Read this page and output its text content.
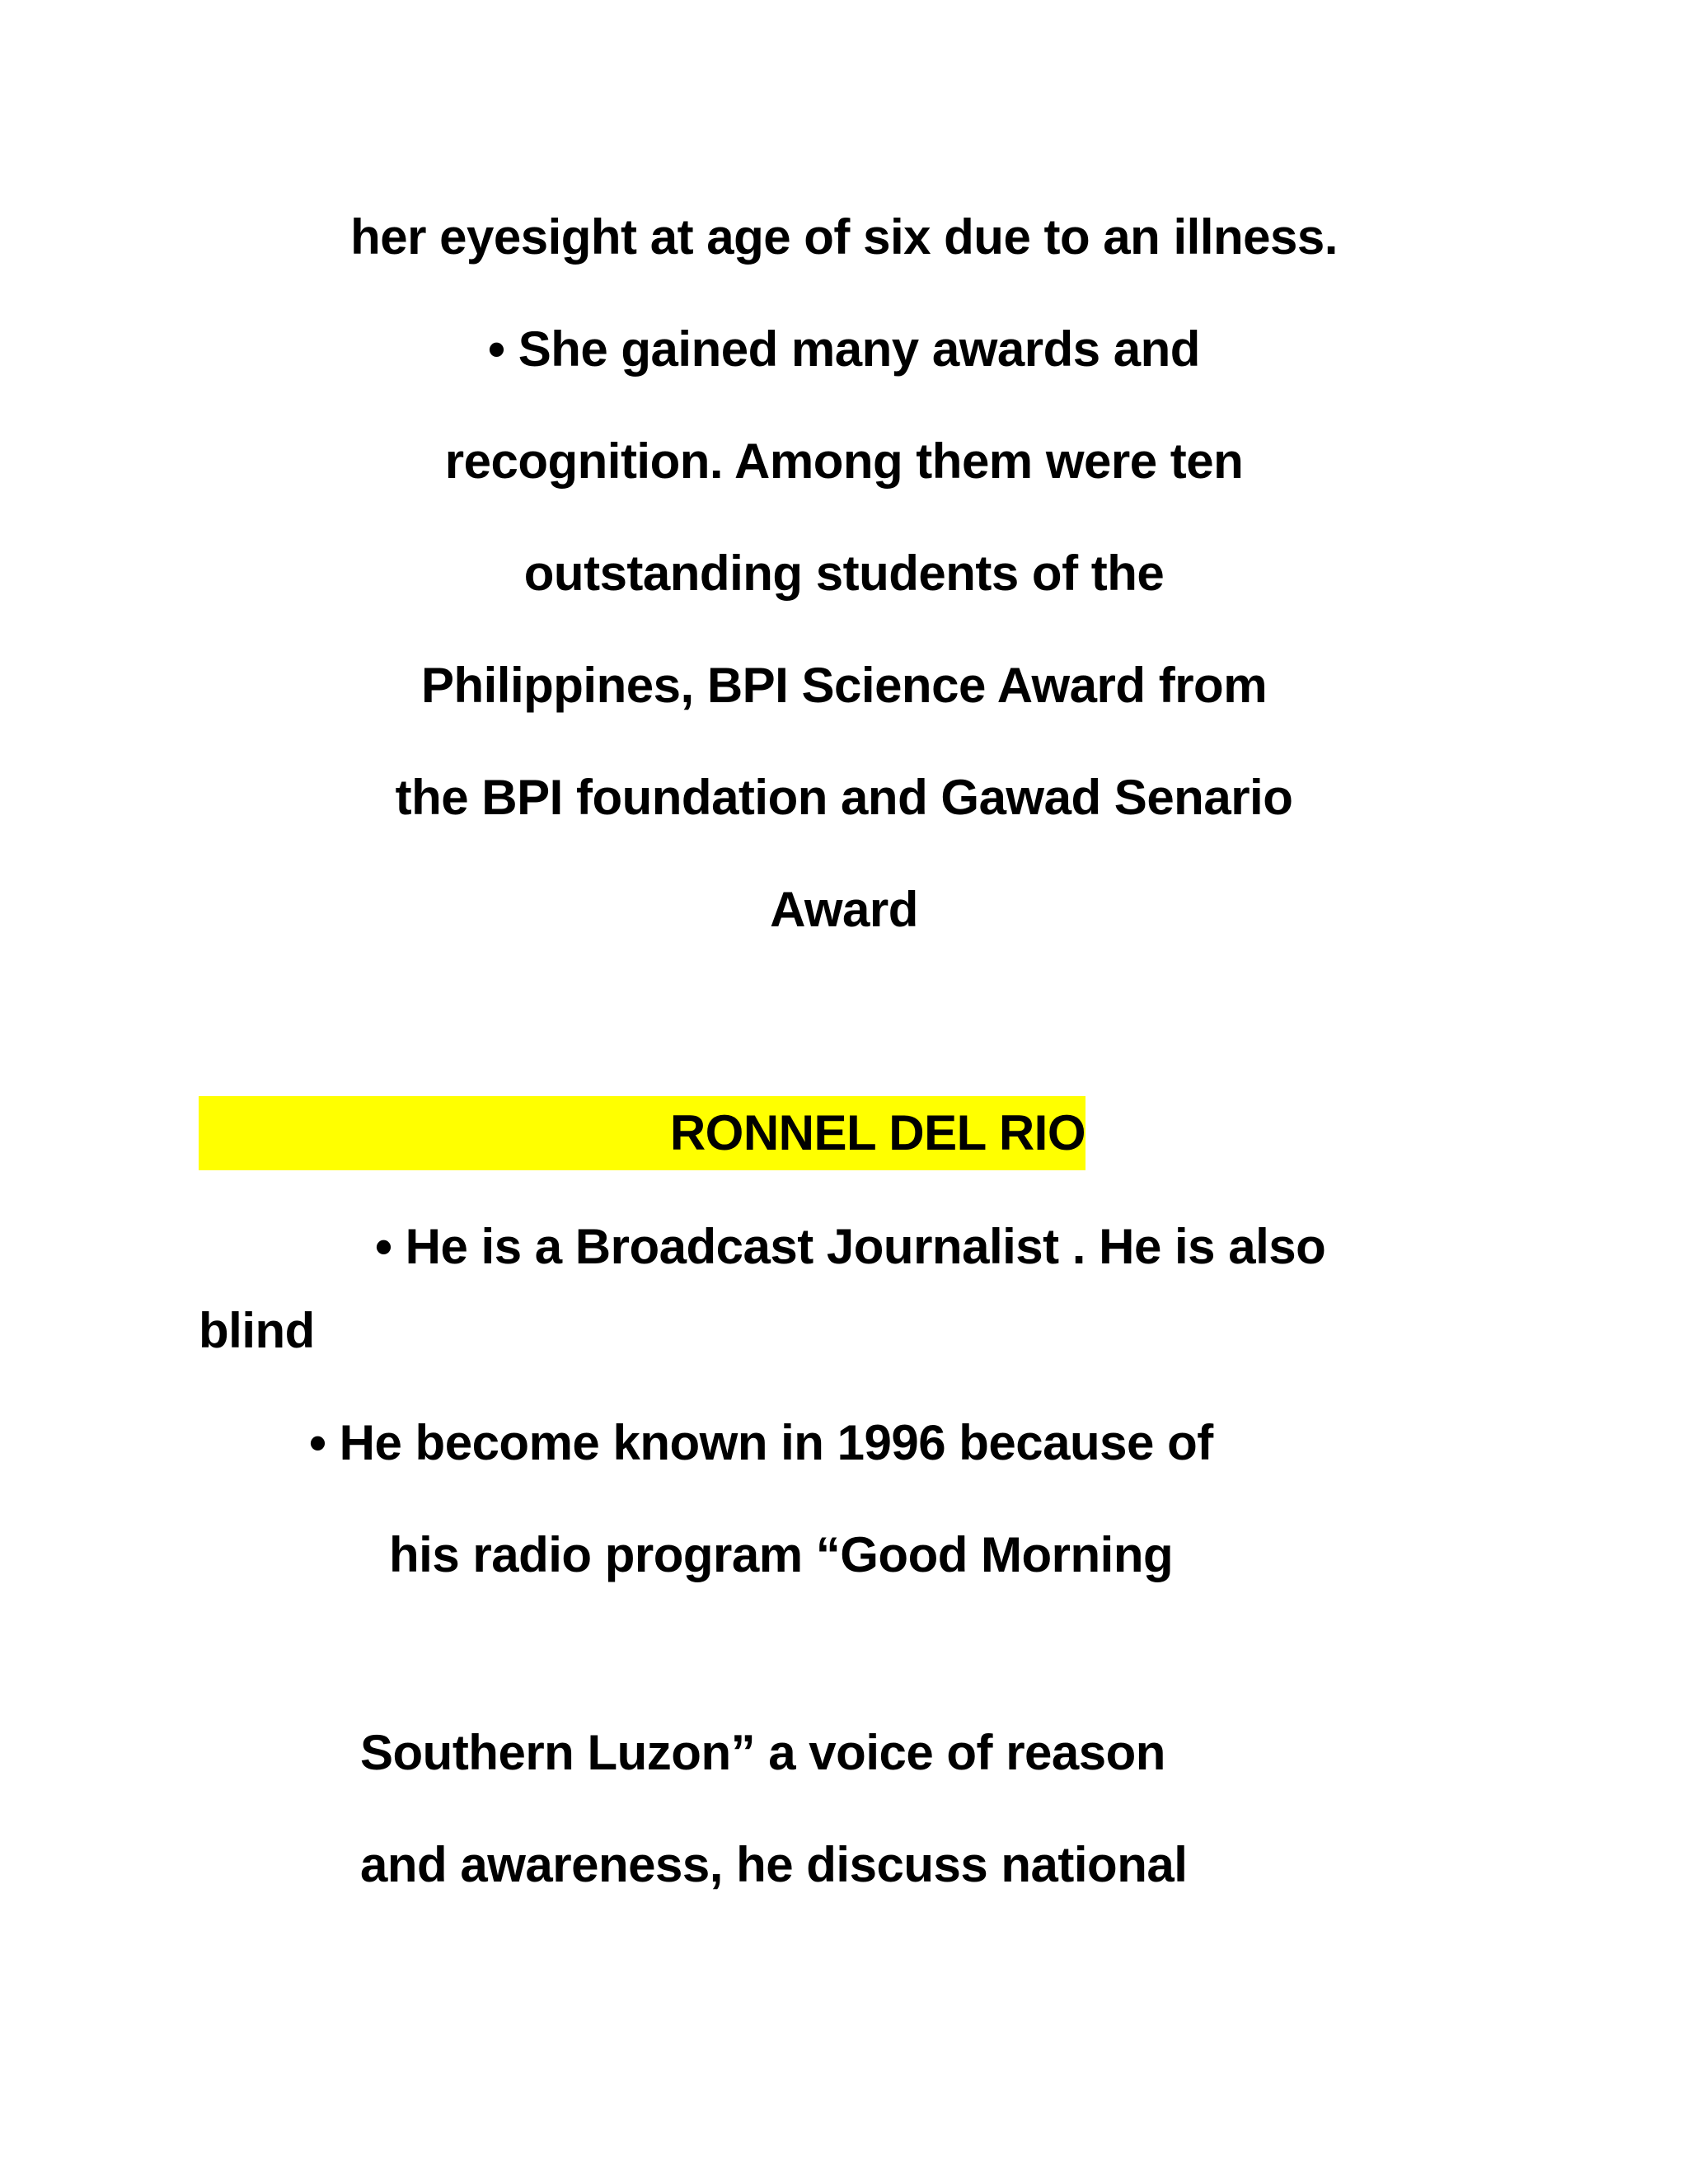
her eyesight at age of six due to an illness.
• She gained many awards and
recognition. Among them were ten
outstanding students of the
Philippines, BPI Science Award from
the BPI foundation and Gawad Senario
Award
RONNEL DEL RIO
• He is a Broadcast Journalist . He is also
blind
• He become known in 1996 because of
his radio program “Good Morning
Southern Luzon” a voice of reason
and awareness, he discuss national
